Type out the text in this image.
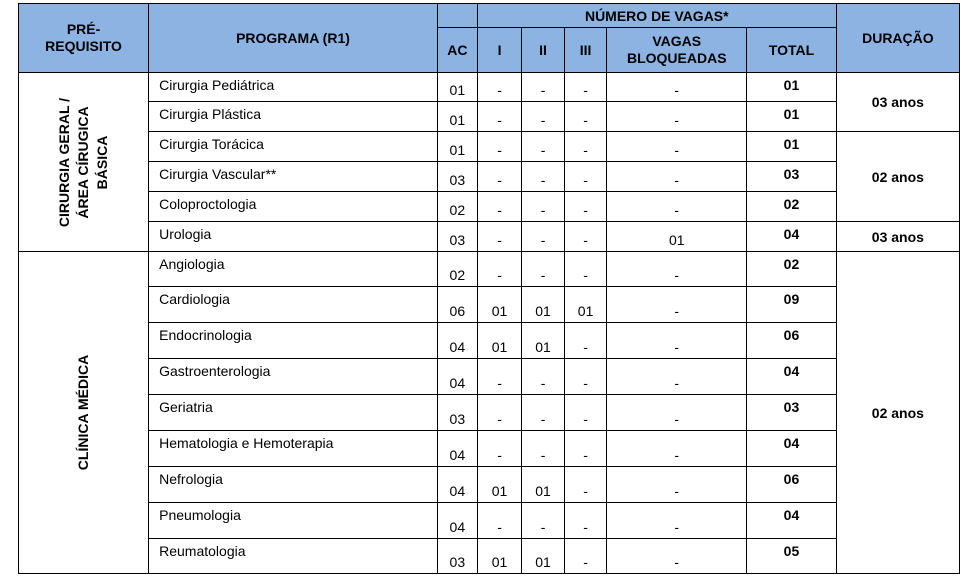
PRÉ-
REQUISITO	PROGRAMA (R1)		NÚMERO DE VAGAS*					DURAÇÃO
		AC	I	II	III	VAGAS
BLOQUEADAS	TOTAL	
CIRURGIA GERAL /
ÁREA CÍRUGICA
BÁSICA	Cirurgia Pediátrica	01	-	-	-	-	01	03 anos
	Cirurgia Plástica	01	-	-	-	-	01	
	Cirurgia Torácica	01	-	-	-	-	01	02 anos
	Cirurgia Vascular**	03	-	-	-	-	03	
	Coloproctologia	02	-	-	-	-	02	
	Urologia	03	-	-	-	01	04	03 anos
CLÍNICA MÉDICA	Angiologia	02	-	-	-	-	02	02 anos
	Cardiologia	06	01	01	01	-	09	
	Endocrinologia	04	01	01	-	-	06	
	Gastroenterologia	04	-	-	-	-	04	
	Geriatria	03	-	-	-	-	03	
	Hematologia e Hemoterapia	04	-	-	-	-	04	
	Nefrologia	04	01	01	-	-	06	
	Pneumologia	04	-	-	-	-	04	
	Reumatologia	03	01	01	-	-	05	
